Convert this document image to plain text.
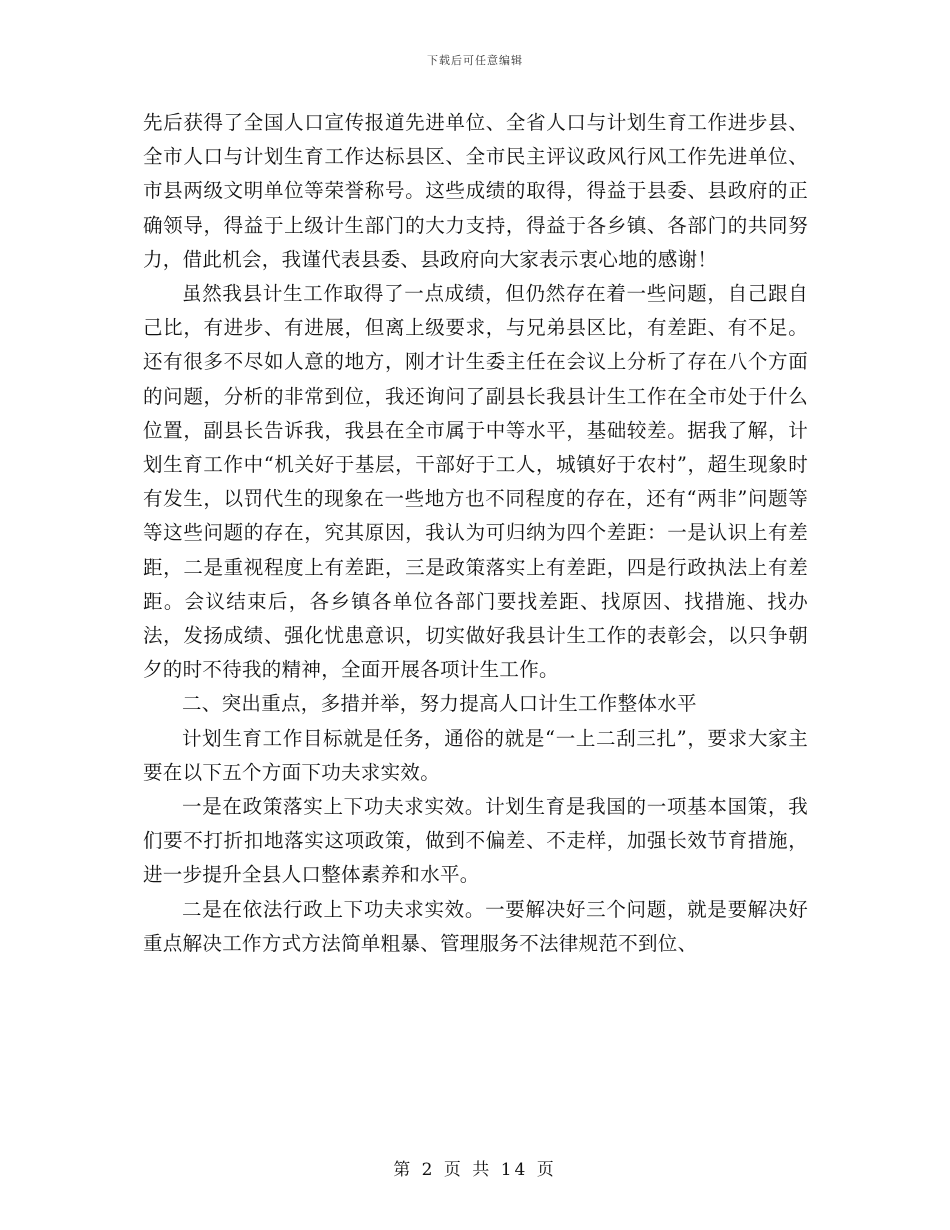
下载后可任意编辑

先后获得了全国人口宣传报道先进单位、全省人口与计划生育工作进步县、全市人口与计划生育工作达标县区、全市民主评议政风行风工作先进单位、市县两级文明单位等荣誉称号。这些成绩的取得，得益于县委、县政府的正确领导，得益于上级计生部门的大力支持，得益于各乡镇、各部门的共同努力，借此机会，我谨代表县委、县政府向大家表示衷心地的感谢！

虽然我县计生工作取得了一点成绩，但仍然存在着一些问题，自己跟自己比，有进步、有进展，但离上级要求，与兄弟县区比，有差距、有不足。还有很多不尽如人意的地方，刚才计生委主任在会议上分析了存在八个方面的问题，分析的非常到位，我还询问了副县长我县计生工作在全市处于什么位置，副县长告诉我，我县在全市属于中等水平，基础较差。据我了解，计划生育工作中“机关好于基层，干部好于工人，城镇好于农村”，超生现象时有发生，以罚代生的现象在一些地方也不同程度的存在，还有“两非”问题等等这些问题的存在，究其原因，我认为可归纳为四个差距：一是认识上有差距，二是重视程度上有差距，三是政策落实上有差距，四是行政执法上有差距。会议结束后，各乡镇各单位各部门要找差距、找原因、找措施、找办法，发扬成绩、强化忧患意识，切实做好我县计生工作的表彰会，以只争朝夕的时不待我的精神，全面开展各项计生工作。

二、突出重点，多措并举，努力提高人口计生工作整体水平

计划生育工作目标就是任务，通俗的就是“一上二刮三扎”，要求大家主要在以下五个方面下功夫求实效。

一是在政策落实上下功夫求实效。计划生育是我国的一项基本国策，我们要不打折扣地落实这项政策，做到不偏差、不走样，加强长效节育措施，进一步提升全县人口整体素养和水平。

二是在依法行政上下功夫求实效。一要解决好三个问题，就是要解决好重点解决工作方式方法简单粗暴、管理服务不法律规范不到位、

第 2 页 共 14 页
